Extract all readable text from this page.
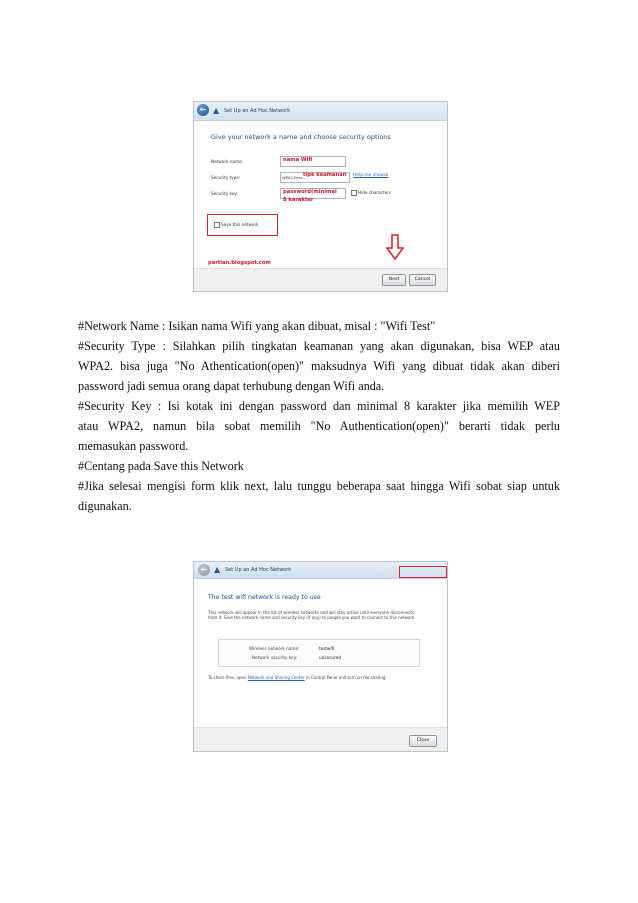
← ▲ Set Up an Ad Hoc Network
Give your network a name and choose security options
Network name:	nama Wifi
Security type:	WPA2-Pers...
tipe keamanan Help me choose
Security key:	password(minimal
8 karakter
Hide characters
Save this network
pertian.blogspot.com
Next	Cancel
#Network Name : Isikan nama Wifi yang akan dibuat, misal : "Wifi Test"
#Security Type : Silahkan pilih tingkatan keamanan yang akan digunakan, bisa WEP atau
WPA2. bisa juga "No Athentication(open)" maksudnya Wifi yang dibuat tidak akan diberi
password jadi semua orang dapat terhubung dengan Wifi anda.
#Security Key : Isi kotak ini dengan password dan minimal 8 karakter jika memilih WEP
atau WPA2, namun bila sobat memilih "No Authentication(open)" berarti tidak perlu
memasukan password.
#Centang pada Save this Network
#Jika selesai mengisi form klik next, lalu tunggu beberapa saat hingga Wifi sobat siap untuk
digunakan.
← ▲ Set Up an Ad Hoc Network
The test wifi network is ready to use
This network will appear in the list of wireless networks and will stay active until everyone disconnects from it. Give the network name and security key (if any) to people you want to connect to this network.
Wireless network name:	testwifi
Network security key:	unsecured
To share files, open Network and Sharing Center in Control Panel and turn on file sharing.
Close
